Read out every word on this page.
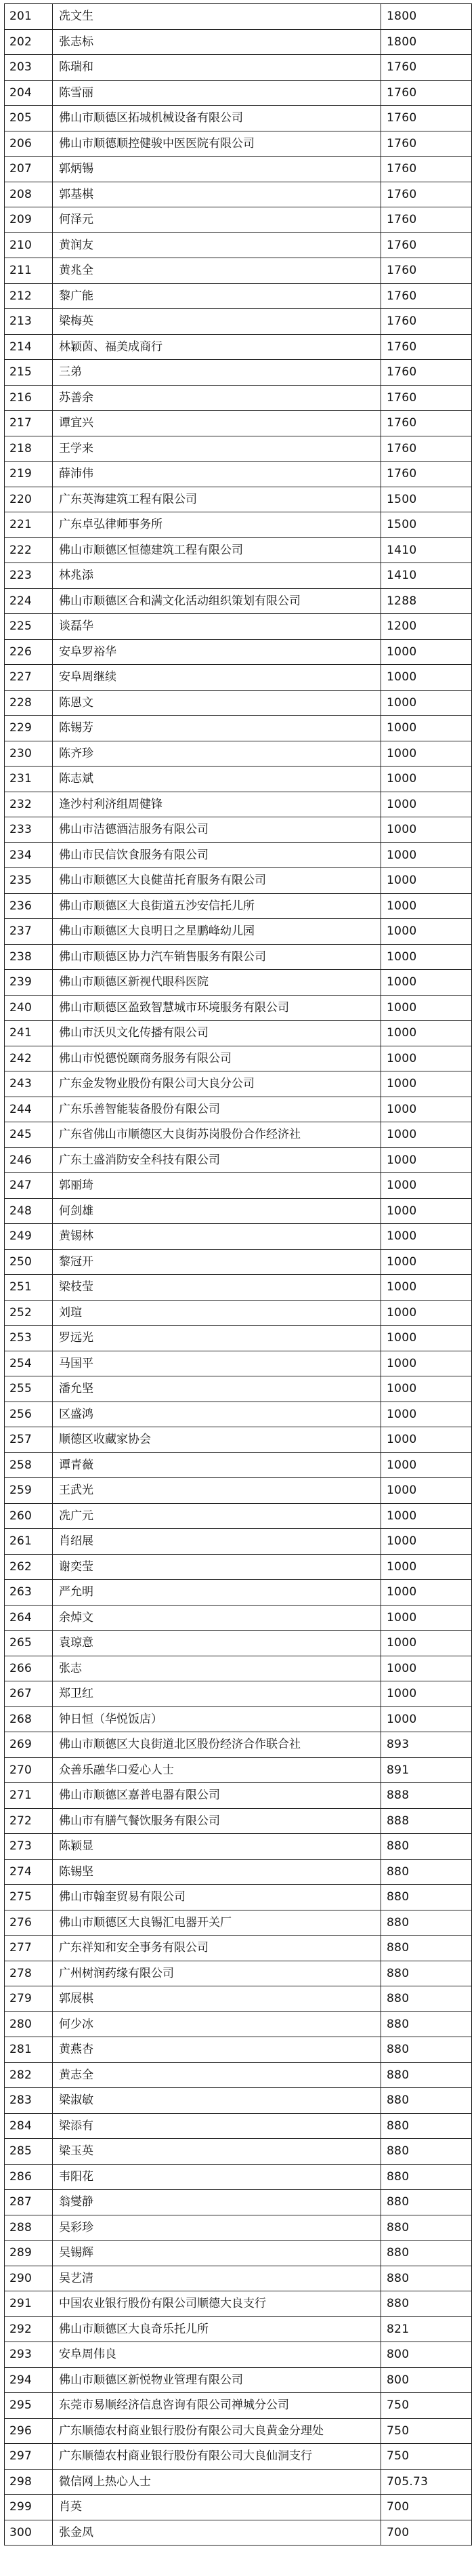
201	冼文生	1800
202	张志标	1800
203	陈瑞和	1760
204	陈雪丽	1760
205	佛山市顺德区拓城机械设备有限公司	1760
206	佛山市顺德顺控健骏中医医院有限公司	1760
207	郭炳锡	1760
208	郭基棋	1760
209	何泽元	1760
210	黄润友	1760
211	黄兆全	1760
212	黎广能	1760
213	梁梅英	1760
214	林颖茵、福美成商行	1760
215	三弟	1760
216	苏善余	1760
217	谭宜兴	1760
218	王学来	1760
219	薛沛伟	1760
220	广东英海建筑工程有限公司	1500
221	广东卓弘律师事务所	1500
222	佛山市顺德区恒德建筑工程有限公司	1410
223	林兆添	1410
224	佛山市顺德区合和满文化活动组织策划有限公司	1288
225	谈磊华	1200
226	安阜罗裕华	1000
227	安阜周继续	1000
228	陈恩文	1000
229	陈锡芳	1000
230	陈齐珍	1000
231	陈志斌	1000
232	逢沙村利济组周健锋	1000
233	佛山市洁德酒洁服务有限公司	1000
234	佛山市民信饮食服务有限公司	1000
235	佛山市顺德区大良健苗托育服务有限公司	1000
236	佛山市顺德区大良街道五沙安信托儿所	1000
237	佛山市顺德区大良明日之星鹏峰幼儿园	1000
238	佛山市顺德区协力汽车销售服务有限公司	1000
239	佛山市顺德区新视代眼科医院	1000
240	佛山市顺德区盈致智慧城市环境服务有限公司	1000
241	佛山市沃贝文化传播有限公司	1000
242	佛山市悦德悦颐商务服务有限公司	1000
243	广东金发物业股份有限公司大良分公司	1000
244	广东乐善智能装备股份有限公司	1000
245	广东省佛山市顺德区大良街苏岗股份合作经济社	1000
246	广东土盛消防安全科技有限公司	1000
247	郭丽琦	1000
248	何剑雄	1000
249	黄锡林	1000
250	黎冠开	1000
251	梁枝莹	1000
252	刘瑄	1000
253	罗远光	1000
254	马国平	1000
255	潘允坚	1000
256	区盛鸿	1000
257	顺德区收藏家协会	1000
258	谭青薇	1000
259	王武光	1000
260	冼广元	1000
261	肖绍展	1000
262	谢奕莹	1000
263	严允明	1000
264	余焯文	1000
265	袁琼意	1000
266	张志	1000
267	郑卫红	1000
268	钟日恒（华悦饭店）	1000
269	佛山市顺德区大良街道北区股份经济合作联合社	893
270	众善乐融华口爱心人士	891
271	佛山市顺德区嘉普电器有限公司	888
272	佛山市有膳气餐饮服务有限公司	888
273	陈颖显	880
274	陈锡坚	880
275	佛山市翰奎贸易有限公司	880
276	佛山市顺德区大良锡汇电器开关厂	880
277	广东祥知和安全事务有限公司	880
278	广州树润药缘有限公司	880
279	郭展棋	880
280	何少冰	880
281	黄燕杏	880
282	黄志全	880
283	梁淑敏	880
284	梁添有	880
285	梁玉英	880
286	韦阳花	880
287	翁燮静	880
288	吴彩珍	880
289	吴锡辉	880
290	吴艺清	880
291	中国农业银行股份有限公司顺德大良支行	880
292	佛山市顺德区大良奇乐托儿所	821
293	安阜周伟良	800
294	佛山市顺德区新悦物业管理有限公司	800
295	东莞市易顺经济信息咨询有限公司禅城分公司	750
296	广东顺德农村商业银行股份有限公司大良黄金分理处	750
297	广东顺德农村商业银行股份有限公司大良仙洞支行	750
298	微信网上热心人士	705.73
299	肖英	700
300	张金凤	700
